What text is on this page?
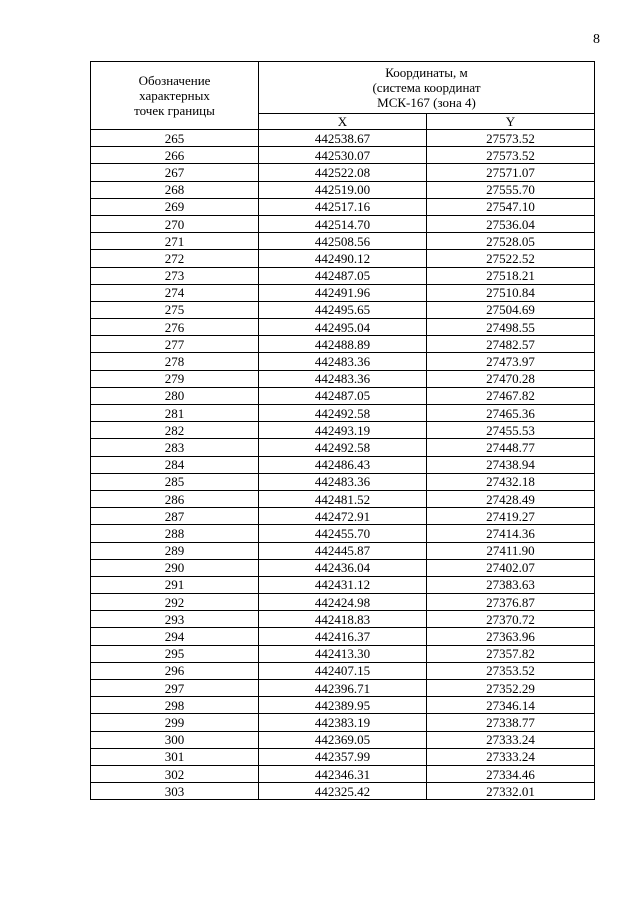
8
Обозначение
характерных
точек границы	Координаты, м
(система координат
МСК-167 (зона 4)	

	X	Y
265	442538.67	27573.52
266	442530.07	27573.52
267	442522.08	27571.07
268	442519.00	27555.70
269	442517.16	27547.10
270	442514.70	27536.04
271	442508.56	27528.05
272	442490.12	27522.52
273	442487.05	27518.21
274	442491.96	27510.84
275	442495.65	27504.69
276	442495.04	27498.55
277	442488.89	27482.57
278	442483.36	27473.97
279	442483.36	27470.28
280	442487.05	27467.82
281	442492.58	27465.36
282	442493.19	27455.53
283	442492.58	27448.77
284	442486.43	27438.94
285	442483.36	27432.18
286	442481.52	27428.49
287	442472.91	27419.27
288	442455.70	27414.36
289	442445.87	27411.90
290	442436.04	27402.07
291	442431.12	27383.63
292	442424.98	27376.87
293	442418.83	27370.72
294	442416.37	27363.96
295	442413.30	27357.82
296	442407.15	27353.52
297	442396.71	27352.29
298	442389.95	27346.14
299	442383.19	27338.77
300	442369.05	27333.24
301	442357.99	27333.24
302	442346.31	27334.46
303	442325.42	27332.01
